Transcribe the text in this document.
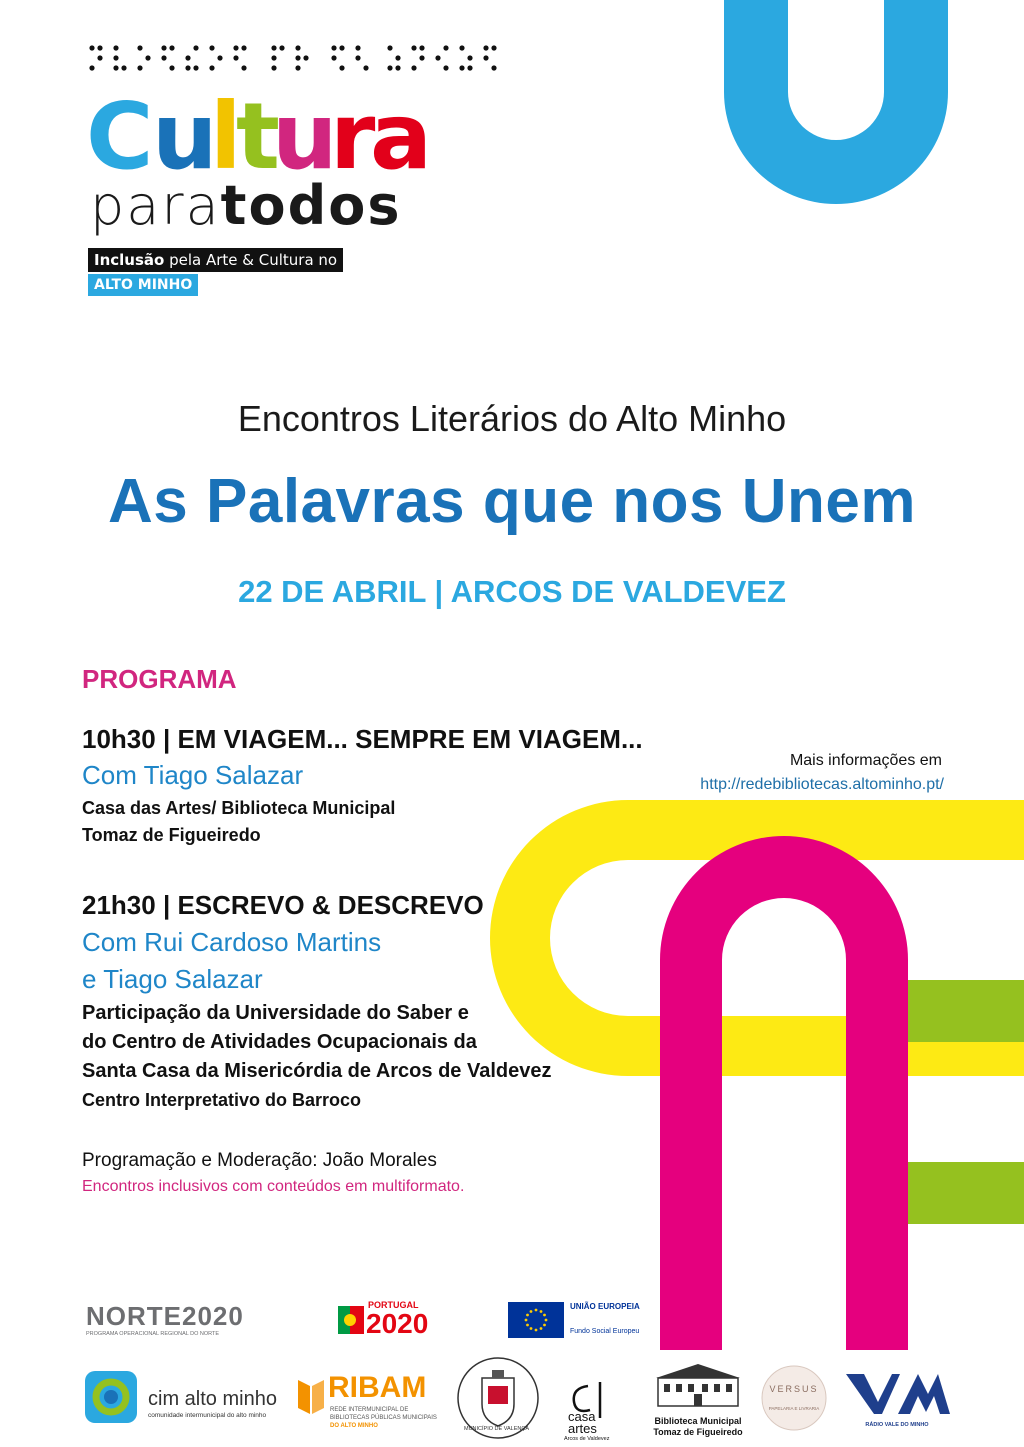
C
u
l
t
u
r
a
paratodos
Inclusão pela Arte & Cultura no
ALTO MINHO
Encontros Literários do Alto Minho
As Palavras que nos Unem
22 DE ABRIL | ARCOS DE VALDEVEZ
PROGRAMA
10h30 | EM VIAGEM... SEMPRE EM VIAGEM...
Com Tiago Salazar
Casa das Artes/ Biblioteca Municipal
Tomaz de Figueiredo
21h30 | ESCREVO & DESCREVO
Com Rui Cardoso Martins
e Tiago Salazar
Participação da Universidade do Saber e
do Centro de Atividades Ocupacionais da
Santa Casa da Misericórdia de Arcos de Valdevez
Centro Interpretativo do Barroco
Programação e Moderação: João Morales
Encontros inclusivos com conteúdos em multiformato.
Mais informações em
http://redebibliotecas.altominho.pt/
NORTE2020
PROGRAMA OPERACIONAL REGIONAL DO NORTE
PORTUGAL
2020
UNIÃO EUROPEIA
Fundo Social Europeu
cim alto minho
comunidade intermunicipal do alto minho
RIBAM
REDE INTERMUNICIPAL DE
BIBLIOTECAS PÚBLICAS MUNICIPAIS
DO ALTO MINHO	MUNICÍPIO DE VALENÇA
casa
artes
Arcos de Valdevez
Biblioteca Municipal
Tomaz de Figueiredo
VERSUS
PAPELARIA E LIVRARIA
RÁDIO VALE DO MINHO
